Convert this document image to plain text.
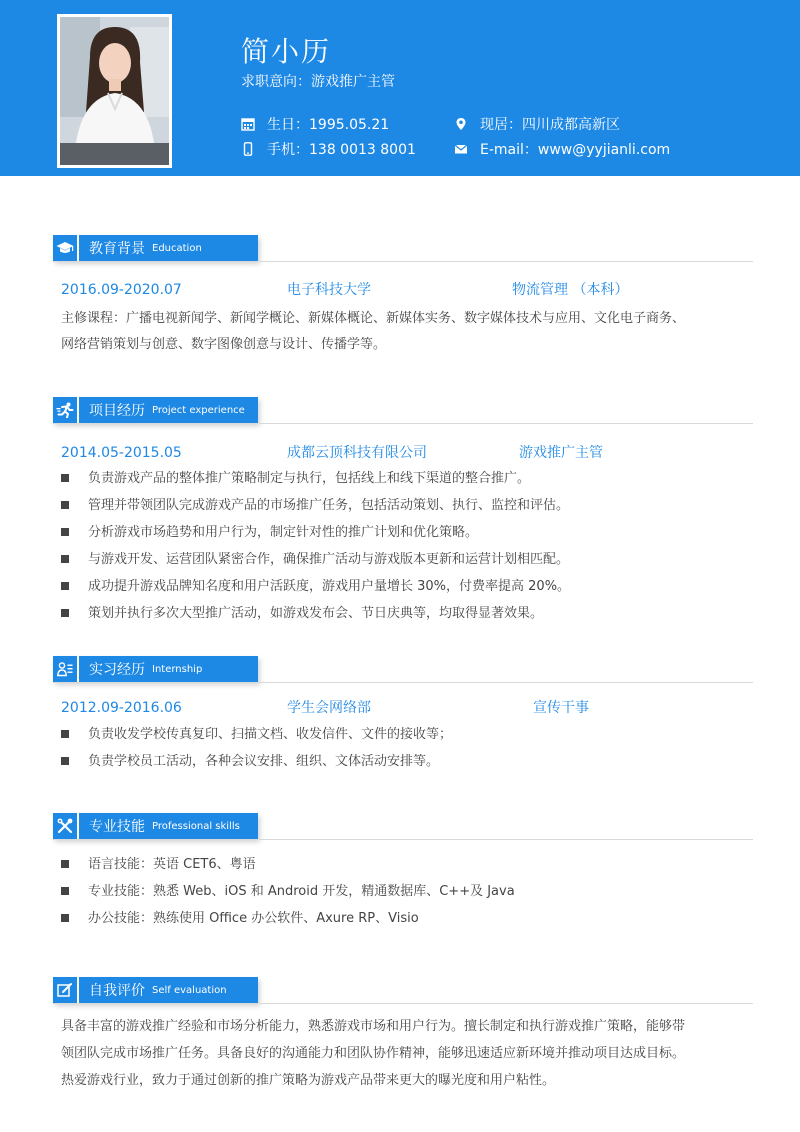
简小历
求职意向：游戏推广主管
生日：1995.05.21	现居：四川成都高新区
手机：138 0013 8001	E-mail：www@yyjianli.com
教育背景 Education
2016.09-2020.07	电子科技大学	物流管理 （本科）
主修课程：广播电视新闻学、新闻学概论、新媒体概论、新媒体实务、数字媒体技术与应用、文化电子商务、
网络营销策划与创意、数字图像创意与设计、传播学等。
项目经历 Project experience
2014.05-2015.05	成都云顶科技有限公司	游戏推广主管
负责游戏产品的整体推广策略制定与执行，包括线上和线下渠道的整合推广。
管理并带领团队完成游戏产品的市场推广任务，包括活动策划、执行、监控和评估。
分析游戏市场趋势和用户行为，制定针对性的推广计划和优化策略。
与游戏开发、运营团队紧密合作，确保推广活动与游戏版本更新和运营计划相匹配。
成功提升游戏品牌知名度和用户活跃度，游戏用户量增长 30%，付费率提高 20%。
策划并执行多次大型推广活动，如游戏发布会、节日庆典等，均取得显著效果。
实习经历 Internship
2012.09-2016.06	学生会网络部	宣传干事
负责收发学校传真复印、扫描文档、收发信件、文件的接收等；
负责学校员工活动，各种会议安排、组织、文体活动安排等。
专业技能 Professional skills
语言技能：英语 CET6、粤语
专业技能：熟悉 Web、iOS 和 Android 开发，精通数据库、C++及 Java
办公技能：熟练使用 Office 办公软件、Axure RP、Visio
自我评价 Self evaluation
具备丰富的游戏推广经验和市场分析能力，熟悉游戏市场和用户行为。擅长制定和执行游戏推广策略，能够带
领团队完成市场推广任务。具备良好的沟通能力和团队协作精神，能够迅速适应新环境并推动项目达成目标。
热爱游戏行业，致力于通过创新的推广策略为游戏产品带来更大的曝光度和用户粘性。
